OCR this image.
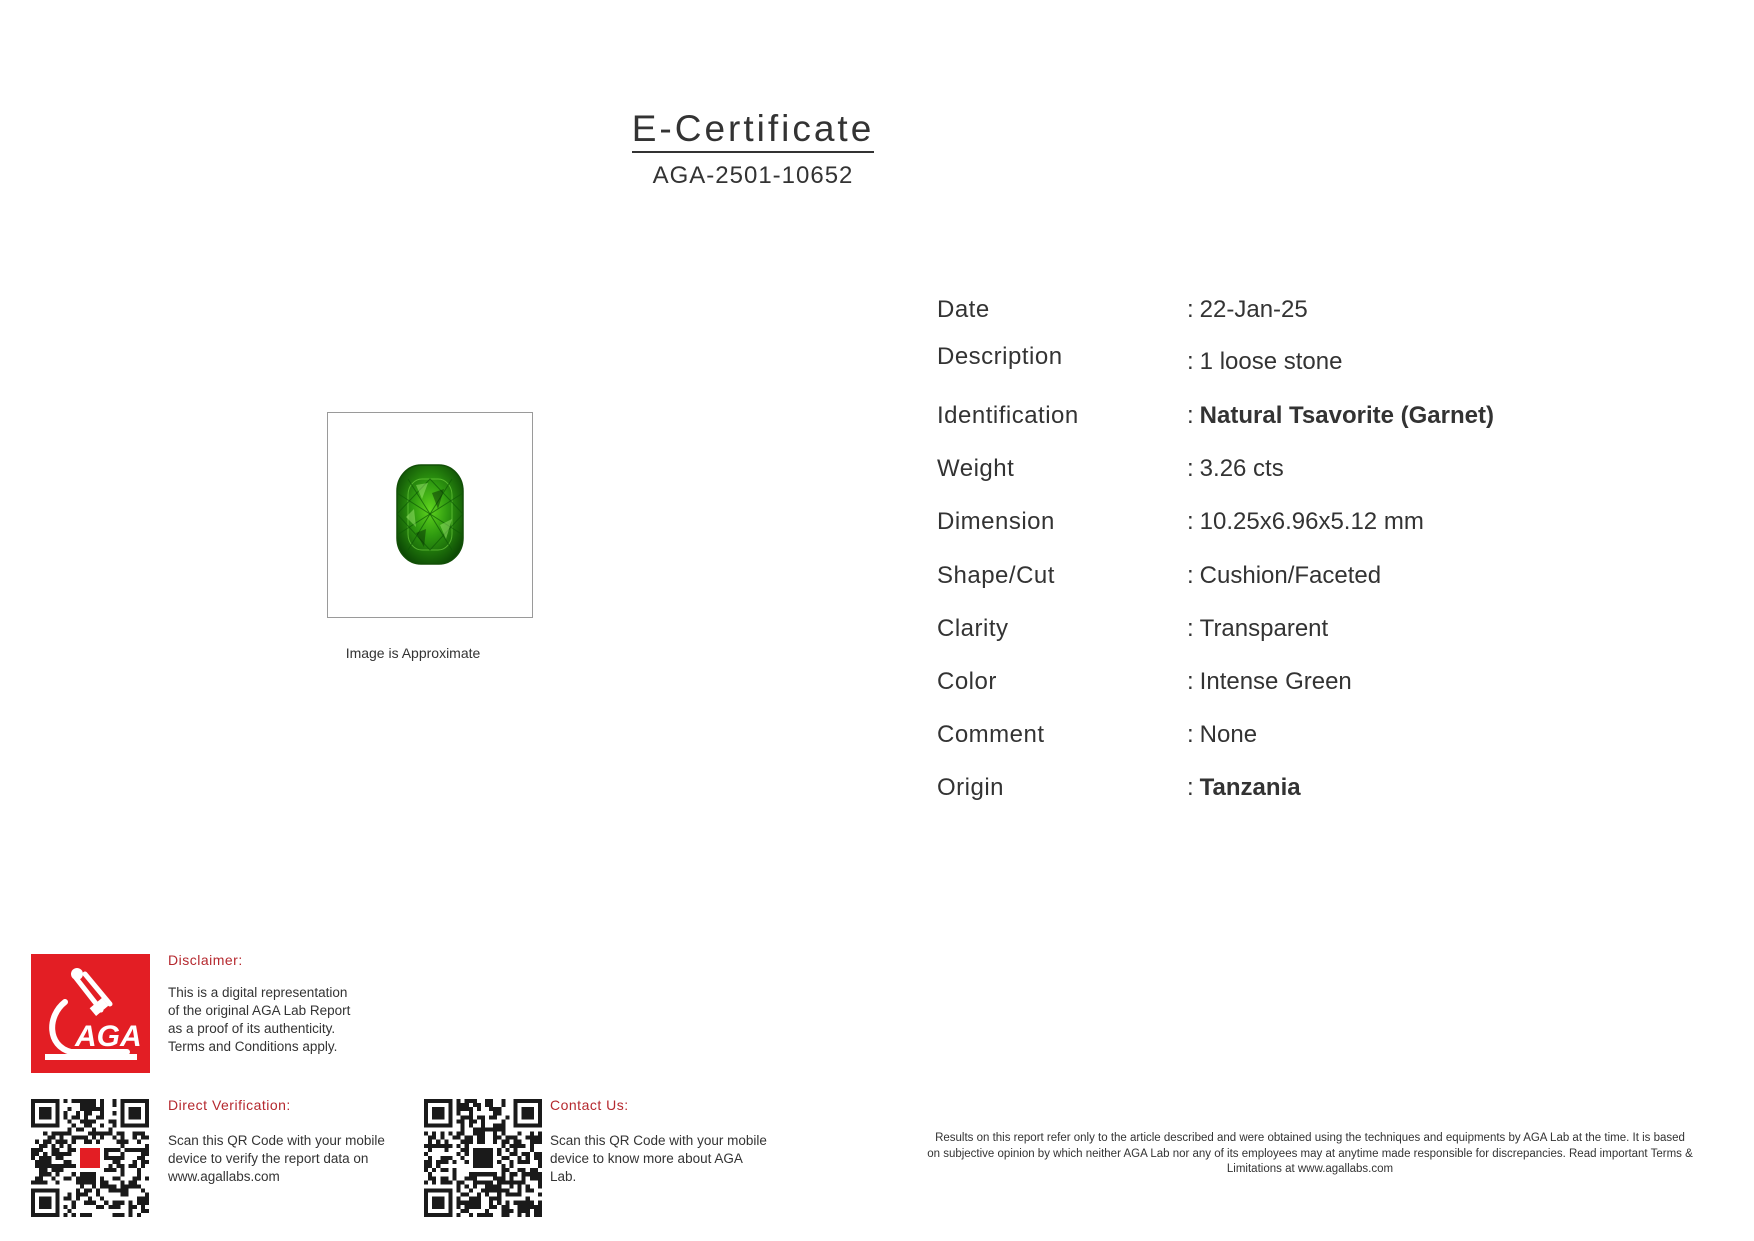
E-Certificate
AGA-2501-10652
Image is Approximate
Date	: 22-Jan-25
Description	: 1 loose stone
Identification	: Natural Tsavorite (Garnet)
Weight	: 3.26 cts
Dimension	: 10.25x6.96x5.12 mm
Shape/Cut	: Cushion/Faceted
Clarity	: Transparent
Color	: Intense Green
Comment	: None
Origin	: Tanzania
AGA
Disclaimer:
This is a digital representation
of the original AGA Lab Report
as a proof of its authenticity.
Terms and Conditions apply.
Direct Verification:
Scan this QR Code with your mobile
device to verify the report data on
www.agallabs.com
Contact Us:
Scan this QR Code with your mobile
device to know more about AGA
Lab.
Results on this report refer only to the article described and were obtained using the techniques and equipments by AGA Lab at the time. It is based
on subjective opinion by which neither AGA Lab nor any of its employees may at anytime made responsible for discrepancies. Read important Terms &
Limitations at www.agallabs.com
